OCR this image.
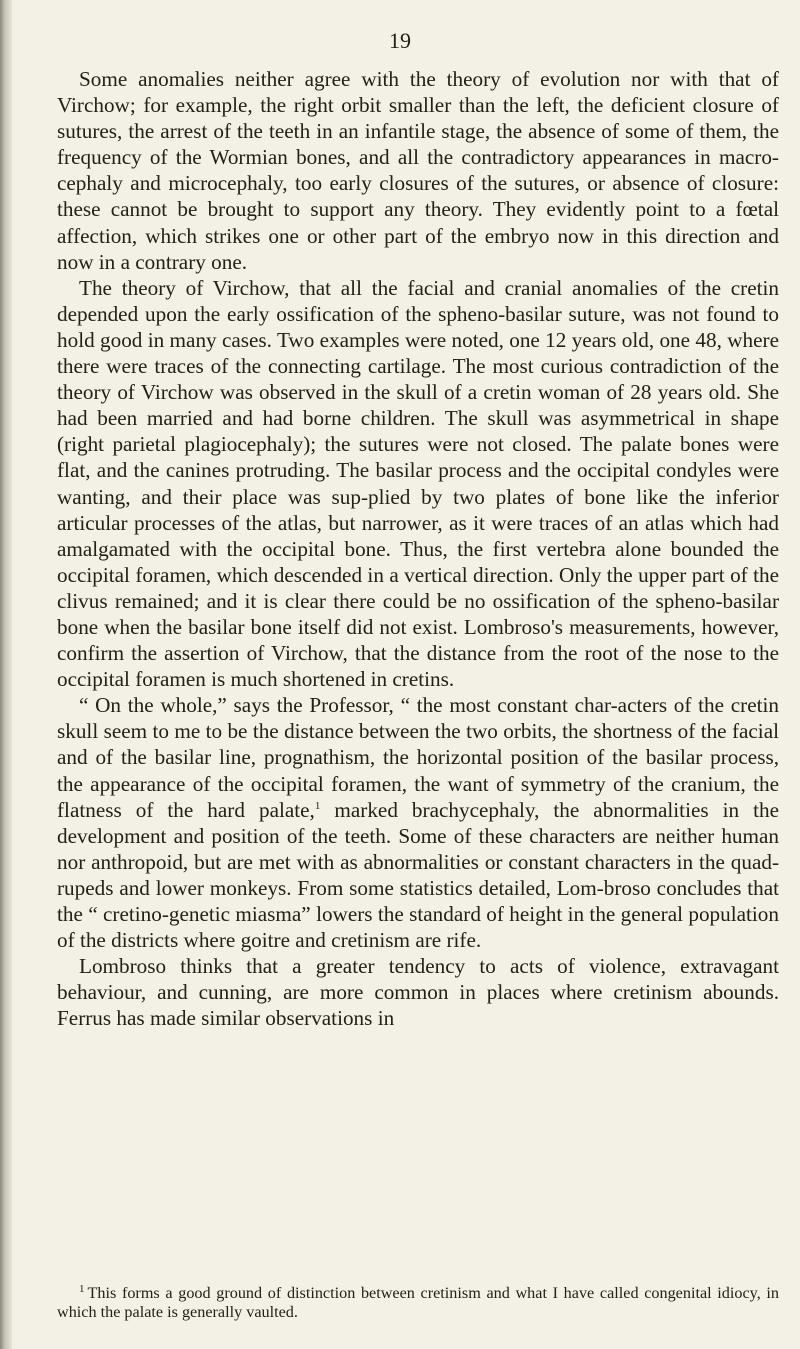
19

Some anomalies neither agree with the theory of evolution nor with that of Virchow; for example, the right orbit smaller than the left, the deficient closure of sutures, the arrest of the teeth in an infantile stage, the absence of some of them, the frequency of the Wormian bones, and all the contradictory appearances in macro-cephaly and microcephaly, too early closures of the sutures, or absence of closure: these cannot be brought to support any theory. They evidently point to a fœtal affection, which strikes one or other part of the embryo now in this direction and now in a contrary one.

The theory of Virchow, that all the facial and cranial anomalies of the cretin depended upon the early ossification of the spheno-basilar suture, was not found to hold good in many cases. Two examples were noted, one 12 years old, one 48, where there were traces of the connecting cartilage. The most curious contradiction of the theory of Virchow was observed in the skull of a cretin woman of 28 years old. She had been married and had borne children. The skull was asymmetrical in shape (right parietal plagiocephaly); the sutures were not closed. The palate bones were flat, and the canines protruding. The basilar process and the occipital condyles were wanting, and their place was sup-plied by two plates of bone like the inferior articular processes of the atlas, but narrower, as it were traces of an atlas which had amalgamated with the occipital bone. Thus, the first vertebra alone bounded the occipital foramen, which descended in a vertical direction. Only the upper part of the clivus remained; and it is clear there could be no ossification of the spheno-basilar bone when the basilar bone itself did not exist. Lombroso's measurements, however, confirm the assertion of Virchow, that the distance from the root of the nose to the occipital foramen is much shortened in cretins.

“ On the whole,” says the Professor, “ the most constant char-acters of the cretin skull seem to me to be the distance between the two orbits, the shortness of the facial and of the basilar line, prognathism, the horizontal position of the basilar process, the appearance of the occipital foramen, the want of symmetry of the cranium, the flatness of the hard palate,$^1$ marked brachycephaly, the abnormalities in the development and position of the teeth. Some of these characters are neither human nor anthropoid, but are met with as abnormalities or constant characters in the quad-rupeds and lower monkeys. From some statistics detailed, Lom-broso concludes that the “ cretino-genetic miasma” lowers the standard of height in the general population of the districts where goitre and cretinism are rife.

Lombroso thinks that a greater tendency to acts of violence, extravagant behaviour, and cunning, are more common in places where cretinism abounds. Ferrus has made similar observations in

$^1$ This forms a good ground of distinction between cretinism and what I have called congenital idiocy, in which the palate is generally vaulted.
